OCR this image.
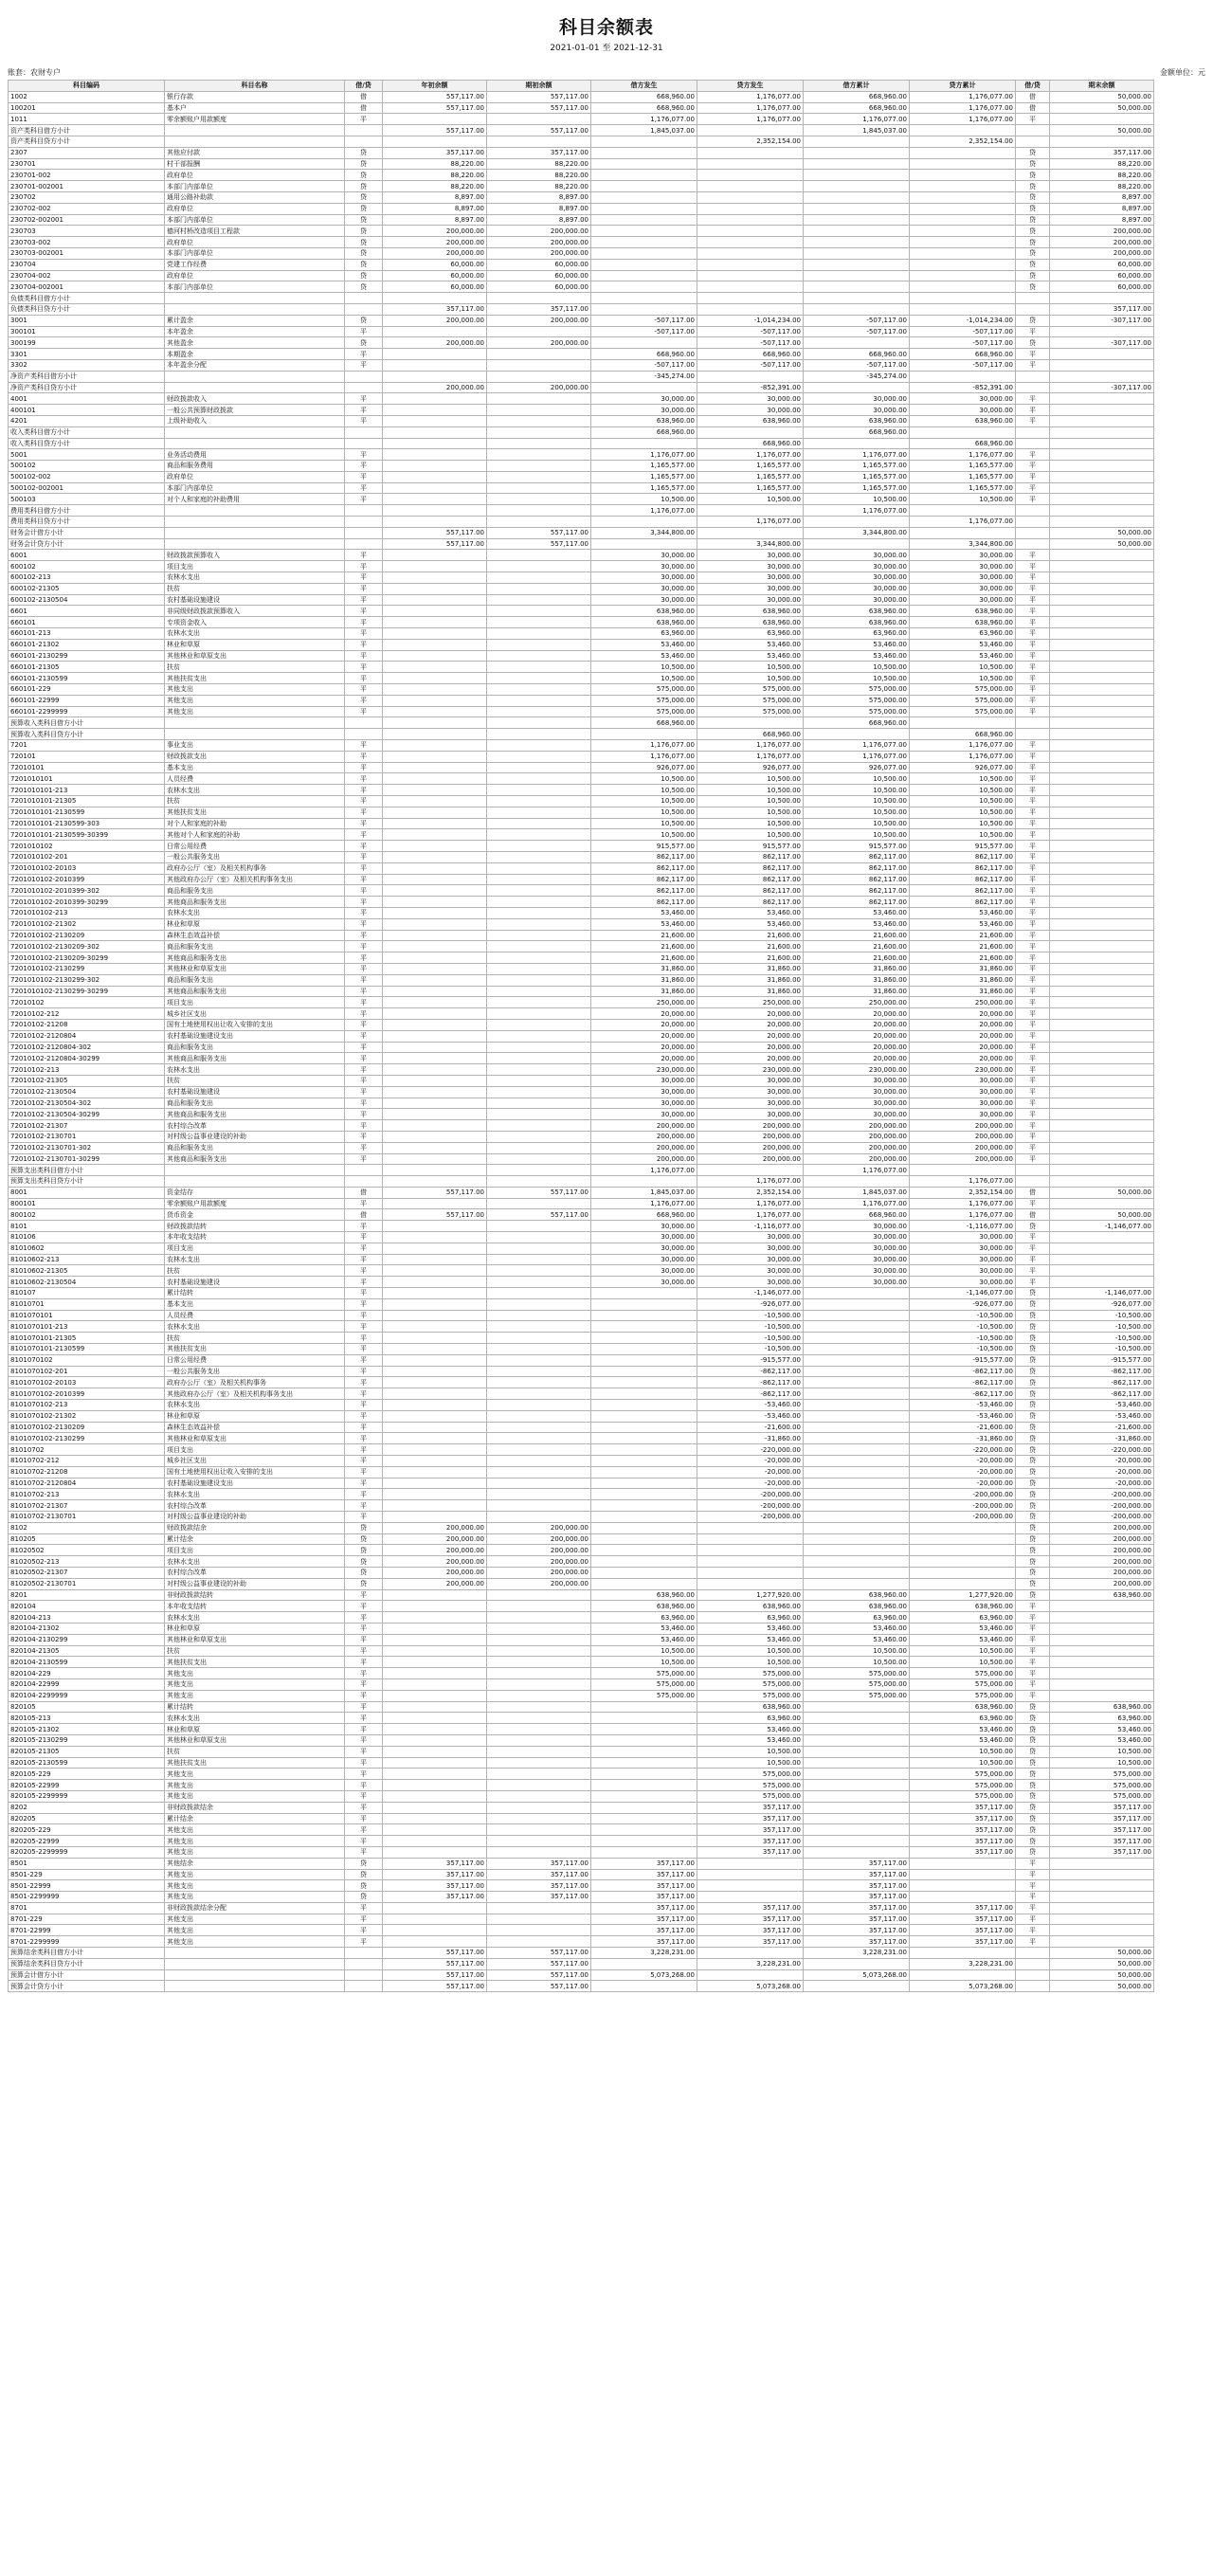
科目余额表
2021-01-01 至 2021-12-31
账套：农财专户	金额单位：元
科目编码	科目名称	借/贷	年初余额	期初余额	借方发生	贷方发生	借方累计	贷方累计	借/贷	期末余额
1002	银行存款	借	557,117.00	557,117.00	668,960.00	1,176,077.00	668,960.00	1,176,077.00	借	50,000.00
100201	基本户	借	557,117.00	557,117.00	668,960.00	1,176,077.00	668,960.00	1,176,077.00	借	50,000.00
1011	零余额账户用款额度	平			1,176,077.00	1,176,077.00	1,176,077.00	1,176,077.00	平	
资产类科目借方小计			557,117.00	557,117.00	1,845,037.00		1,845,037.00			50,000.00
资产类科目贷方小计						2,352,154.00		2,352,154.00		
2307	其他应付款	贷	357,117.00	357,117.00					贷	357,117.00
230701	村干部报酬	贷	88,220.00	88,220.00					贷	88,220.00
230701-002	政府单位	贷	88,220.00	88,220.00					贷	88,220.00
230701-002001	本部门内部单位	贷	88,220.00	88,220.00					贷	88,220.00
230702	通用公路补助款	贷	8,897.00	8,897.00					贷	8,897.00
230702-002	政府单位	贷	8,897.00	8,897.00					贷	8,897.00
230702-002001	本部门内部单位	贷	8,897.00	8,897.00					贷	8,897.00
230703	德河村桥改造项目工程款	贷	200,000.00	200,000.00					贷	200,000.00
230703-002	政府单位	贷	200,000.00	200,000.00					贷	200,000.00
230703-002001	本部门内部单位	贷	200,000.00	200,000.00					贷	200,000.00
230704	党建工作经费	贷	60,000.00	60,000.00					贷	60,000.00
230704-002	政府单位	贷	60,000.00	60,000.00					贷	60,000.00
230704-002001	本部门内部单位	贷	60,000.00	60,000.00					贷	60,000.00
负债类科目借方小计										
负债类科目贷方小计			357,117.00	357,117.00						357,117.00
3001	累计盈余	贷	200,000.00	200,000.00	-507,117.00	-1,014,234.00	-507,117.00	-1,014,234.00	贷	-307,117.00
300101	本年盈余	平			-507,117.00	-507,117.00	-507,117.00	-507,117.00	平	
300199	其他盈余	贷	200,000.00	200,000.00		-507,117.00		-507,117.00	贷	-307,117.00
3301	本期盈余	平			668,960.00	668,960.00	668,960.00	668,960.00	平	
3302	本年盈余分配	平			-507,117.00	-507,117.00	-507,117.00	-507,117.00	平	
净资产类科目借方小计					-345,274.00		-345,274.00			
净资产类科目贷方小计			200,000.00	200,000.00		-852,391.00		-852,391.00		-307,117.00
4001	财政拨款收入	平			30,000.00	30,000.00	30,000.00	30,000.00	平	
400101	一般公共预算财政拨款	平			30,000.00	30,000.00	30,000.00	30,000.00	平	
4201	上级补助收入	平			638,960.00	638,960.00	638,960.00	638,960.00	平	
收入类科目借方小计					668,960.00		668,960.00			
收入类科目贷方小计						668,960.00		668,960.00		
5001	业务活动费用	平			1,176,077.00	1,176,077.00	1,176,077.00	1,176,077.00	平	
500102	商品和服务费用	平			1,165,577.00	1,165,577.00	1,165,577.00	1,165,577.00	平	
500102-002	政府单位	平			1,165,577.00	1,165,577.00	1,165,577.00	1,165,577.00	平	
500102-002001	本部门内部单位	平			1,165,577.00	1,165,577.00	1,165,577.00	1,165,577.00	平	
500103	对个人和家庭的补助费用	平			10,500.00	10,500.00	10,500.00	10,500.00	平	
费用类科目借方小计					1,176,077.00		1,176,077.00			
费用类科目贷方小计						1,176,077.00		1,176,077.00		
财务会计借方小计			557,117.00	557,117.00	3,344,800.00		3,344,800.00			50,000.00
财务会计贷方小计			557,117.00	557,117.00		3,344,800.00		3,344,800.00		50,000.00
6001	财政拨款预算收入	平			30,000.00	30,000.00	30,000.00	30,000.00	平	
600102	项目支出	平			30,000.00	30,000.00	30,000.00	30,000.00	平	
600102-213	农林水支出	平			30,000.00	30,000.00	30,000.00	30,000.00	平	
600102-21305	扶贫	平			30,000.00	30,000.00	30,000.00	30,000.00	平	
600102-2130504	农村基础设施建设	平			30,000.00	30,000.00	30,000.00	30,000.00	平	
6601	非同级财政拨款预算收入	平			638,960.00	638,960.00	638,960.00	638,960.00	平	
660101	专项资金收入	平			638,960.00	638,960.00	638,960.00	638,960.00	平	
660101-213	农林水支出	平			63,960.00	63,960.00	63,960.00	63,960.00	平	
660101-21302	林业和草原	平			53,460.00	53,460.00	53,460.00	53,460.00	平	
660101-2130299	其他林业和草原支出	平			53,460.00	53,460.00	53,460.00	53,460.00	平	
660101-21305	扶贫	平			10,500.00	10,500.00	10,500.00	10,500.00	平	
660101-2130599	其他扶贫支出	平			10,500.00	10,500.00	10,500.00	10,500.00	平	
660101-229	其他支出	平			575,000.00	575,000.00	575,000.00	575,000.00	平	
660101-22999	其他支出	平			575,000.00	575,000.00	575,000.00	575,000.00	平	
660101-2299999	其他支出	平			575,000.00	575,000.00	575,000.00	575,000.00	平	
预算收入类科目借方小计					668,960.00		668,960.00			
预算收入类科目贷方小计						668,960.00		668,960.00		
7201	事业支出	平			1,176,077.00	1,176,077.00	1,176,077.00	1,176,077.00	平	
720101	财政拨款支出	平			1,176,077.00	1,176,077.00	1,176,077.00	1,176,077.00	平	
72010101	基本支出	平			926,077.00	926,077.00	926,077.00	926,077.00	平	
7201010101	人员经费	平			10,500.00	10,500.00	10,500.00	10,500.00	平	
7201010101-213	农林水支出	平			10,500.00	10,500.00	10,500.00	10,500.00	平	
7201010101-21305	扶贫	平			10,500.00	10,500.00	10,500.00	10,500.00	平	
7201010101-2130599	其他扶贫支出	平			10,500.00	10,500.00	10,500.00	10,500.00	平	
7201010101-2130599-303	对个人和家庭的补助	平			10,500.00	10,500.00	10,500.00	10,500.00	平	
7201010101-2130599-30399	其他对个人和家庭的补助	平			10,500.00	10,500.00	10,500.00	10,500.00	平	
7201010102	日常公用经费	平			915,577.00	915,577.00	915,577.00	915,577.00	平	
7201010102-201	一般公共服务支出	平			862,117.00	862,117.00	862,117.00	862,117.00	平	
7201010102-20103	政府办公厅（室）及相关机构事务	平			862,117.00	862,117.00	862,117.00	862,117.00	平	
7201010102-2010399	其他政府办公厅（室）及相关机构事务支出	平			862,117.00	862,117.00	862,117.00	862,117.00	平	
7201010102-2010399-302	商品和服务支出	平			862,117.00	862,117.00	862,117.00	862,117.00	平	
7201010102-2010399-30299	其他商品和服务支出	平			862,117.00	862,117.00	862,117.00	862,117.00	平	
7201010102-213	农林水支出	平			53,460.00	53,460.00	53,460.00	53,460.00	平	
7201010102-21302	林业和草原	平			53,460.00	53,460.00	53,460.00	53,460.00	平	
7201010102-2130209	森林生态效益补偿	平			21,600.00	21,600.00	21,600.00	21,600.00	平	
7201010102-2130209-302	商品和服务支出	平			21,600.00	21,600.00	21,600.00	21,600.00	平	
7201010102-2130209-30299	其他商品和服务支出	平			21,600.00	21,600.00	21,600.00	21,600.00	平	
7201010102-2130299	其他林业和草原支出	平			31,860.00	31,860.00	31,860.00	31,860.00	平	
7201010102-2130299-302	商品和服务支出	平			31,860.00	31,860.00	31,860.00	31,860.00	平	
7201010102-2130299-30299	其他商品和服务支出	平			31,860.00	31,860.00	31,860.00	31,860.00	平	
72010102	项目支出	平			250,000.00	250,000.00	250,000.00	250,000.00	平	
72010102-212	城乡社区支出	平			20,000.00	20,000.00	20,000.00	20,000.00	平	
72010102-21208	国有土地使用权出让收入安排的支出	平			20,000.00	20,000.00	20,000.00	20,000.00	平	
72010102-2120804	农村基础设施建设支出	平			20,000.00	20,000.00	20,000.00	20,000.00	平	
72010102-2120804-302	商品和服务支出	平			20,000.00	20,000.00	20,000.00	20,000.00	平	
72010102-2120804-30299	其他商品和服务支出	平			20,000.00	20,000.00	20,000.00	20,000.00	平	
72010102-213	农林水支出	平			230,000.00	230,000.00	230,000.00	230,000.00	平	
72010102-21305	扶贫	平			30,000.00	30,000.00	30,000.00	30,000.00	平	
72010102-2130504	农村基础设施建设	平			30,000.00	30,000.00	30,000.00	30,000.00	平	
72010102-2130504-302	商品和服务支出	平			30,000.00	30,000.00	30,000.00	30,000.00	平	
72010102-2130504-30299	其他商品和服务支出	平			30,000.00	30,000.00	30,000.00	30,000.00	平	
72010102-21307	农村综合改革	平			200,000.00	200,000.00	200,000.00	200,000.00	平	
72010102-2130701	对村级公益事业建设的补助	平			200,000.00	200,000.00	200,000.00	200,000.00	平	
72010102-2130701-302	商品和服务支出	平			200,000.00	200,000.00	200,000.00	200,000.00	平	
72010102-2130701-30299	其他商品和服务支出	平			200,000.00	200,000.00	200,000.00	200,000.00	平	
预算支出类科目借方小计					1,176,077.00		1,176,077.00			
预算支出类科目贷方小计						1,176,077.00		1,176,077.00		
8001	资金结存	借	557,117.00	557,117.00	1,845,037.00	2,352,154.00	1,845,037.00	2,352,154.00	借	50,000.00
800101	零余额账户用款额度	平			1,176,077.00	1,176,077.00	1,176,077.00	1,176,077.00	平	
800102	货币资金	借	557,117.00	557,117.00	668,960.00	1,176,077.00	668,960.00	1,176,077.00	借	50,000.00
8101	财政拨款结转	平			30,000.00	-1,116,077.00	30,000.00	-1,116,077.00	贷	-1,146,077.00
810106	本年收支结转	平			30,000.00	30,000.00	30,000.00	30,000.00	平	
81010602	项目支出	平			30,000.00	30,000.00	30,000.00	30,000.00	平	
81010602-213	农林水支出	平			30,000.00	30,000.00	30,000.00	30,000.00	平	
81010602-21305	扶贫	平			30,000.00	30,000.00	30,000.00	30,000.00	平	
81010602-2130504	农村基础设施建设	平			30,000.00	30,000.00	30,000.00	30,000.00	平	
810107	累计结转	平				-1,146,077.00		-1,146,077.00	贷	-1,146,077.00
81010701	基本支出	平				-926,077.00		-926,077.00	贷	-926,077.00
8101070101	人员经费	平				-10,500.00		-10,500.00	贷	-10,500.00
8101070101-213	农林水支出	平				-10,500.00		-10,500.00	贷	-10,500.00
8101070101-21305	扶贫	平				-10,500.00		-10,500.00	贷	-10,500.00
8101070101-2130599	其他扶贫支出	平				-10,500.00		-10,500.00	贷	-10,500.00
8101070102	日常公用经费	平				-915,577.00		-915,577.00	贷	-915,577.00
8101070102-201	一般公共服务支出	平				-862,117.00		-862,117.00	贷	-862,117.00
8101070102-20103	政府办公厅（室）及相关机构事务	平				-862,117.00		-862,117.00	贷	-862,117.00
8101070102-2010399	其他政府办公厅（室）及相关机构事务支出	平				-862,117.00		-862,117.00	贷	-862,117.00
8101070102-213	农林水支出	平				-53,460.00		-53,460.00	贷	-53,460.00
8101070102-21302	林业和草原	平				-53,460.00		-53,460.00	贷	-53,460.00
8101070102-2130209	森林生态效益补偿	平				-21,600.00		-21,600.00	贷	-21,600.00
8101070102-2130299	其他林业和草原支出	平				-31,860.00		-31,860.00	贷	-31,860.00
81010702	项目支出	平				-220,000.00		-220,000.00	贷	-220,000.00
81010702-212	城乡社区支出	平				-20,000.00		-20,000.00	贷	-20,000.00
81010702-21208	国有土地使用权出让收入安排的支出	平				-20,000.00		-20,000.00	贷	-20,000.00
81010702-2120804	农村基础设施建设支出	平				-20,000.00		-20,000.00	贷	-20,000.00
81010702-213	农林水支出	平				-200,000.00		-200,000.00	贷	-200,000.00
81010702-21307	农村综合改革	平				-200,000.00		-200,000.00	贷	-200,000.00
81010702-2130701	对村级公益事业建设的补助	平				-200,000.00		-200,000.00	贷	-200,000.00
8102	财政拨款结余	贷	200,000.00	200,000.00					贷	200,000.00
810205	累计结余	贷	200,000.00	200,000.00					贷	200,000.00
81020502	项目支出	贷	200,000.00	200,000.00					贷	200,000.00
81020502-213	农林水支出	贷	200,000.00	200,000.00					贷	200,000.00
81020502-21307	农村综合改革	贷	200,000.00	200,000.00					贷	200,000.00
81020502-2130701	对村级公益事业建设的补助	贷	200,000.00	200,000.00					贷	200,000.00
8201	非财政拨款结转	平			638,960.00	1,277,920.00	638,960.00	1,277,920.00	贷	638,960.00
820104	本年收支结转	平			638,960.00	638,960.00	638,960.00	638,960.00	平	
820104-213	农林水支出	平			63,960.00	63,960.00	63,960.00	63,960.00	平	
820104-21302	林业和草原	平			53,460.00	53,460.00	53,460.00	53,460.00	平	
820104-2130299	其他林业和草原支出	平			53,460.00	53,460.00	53,460.00	53,460.00	平	
820104-21305	扶贫	平			10,500.00	10,500.00	10,500.00	10,500.00	平	
820104-2130599	其他扶贫支出	平			10,500.00	10,500.00	10,500.00	10,500.00	平	
820104-229	其他支出	平			575,000.00	575,000.00	575,000.00	575,000.00	平	
820104-22999	其他支出	平			575,000.00	575,000.00	575,000.00	575,000.00	平	
820104-2299999	其他支出	平			575,000.00	575,000.00	575,000.00	575,000.00	平	
820105	累计结转	平				638,960.00		638,960.00	贷	638,960.00
820105-213	农林水支出	平				63,960.00		63,960.00	贷	63,960.00
820105-21302	林业和草原	平				53,460.00		53,460.00	贷	53,460.00
820105-2130299	其他林业和草原支出	平				53,460.00		53,460.00	贷	53,460.00
820105-21305	扶贫	平				10,500.00		10,500.00	贷	10,500.00
820105-2130599	其他扶贫支出	平				10,500.00		10,500.00	贷	10,500.00
820105-229	其他支出	平				575,000.00		575,000.00	贷	575,000.00
820105-22999	其他支出	平				575,000.00		575,000.00	贷	575,000.00
820105-2299999	其他支出	平				575,000.00		575,000.00	贷	575,000.00
8202	非财政拨款结余	平				357,117.00		357,117.00	贷	357,117.00
820205	累计结余	平				357,117.00		357,117.00	贷	357,117.00
820205-229	其他支出	平				357,117.00		357,117.00	贷	357,117.00
820205-22999	其他支出	平				357,117.00		357,117.00	贷	357,117.00
820205-2299999	其他支出	平				357,117.00		357,117.00	贷	357,117.00
8501	其他结余	贷	357,117.00	357,117.00	357,117.00		357,117.00		平	
8501-229	其他支出	贷	357,117.00	357,117.00	357,117.00		357,117.00		平	
8501-22999	其他支出	贷	357,117.00	357,117.00	357,117.00		357,117.00		平	
8501-2299999	其他支出	贷	357,117.00	357,117.00	357,117.00		357,117.00		平	
8701	非财政拨款结余分配	平			357,117.00	357,117.00	357,117.00	357,117.00	平	
8701-229	其他支出	平			357,117.00	357,117.00	357,117.00	357,117.00	平	
8701-22999	其他支出	平			357,117.00	357,117.00	357,117.00	357,117.00	平	
8701-2299999	其他支出	平			357,117.00	357,117.00	357,117.00	357,117.00	平	
预算结余类科目借方小计			557,117.00	557,117.00	3,228,231.00		3,228,231.00			50,000.00
预算结余类科目贷方小计			557,117.00	557,117.00		3,228,231.00		3,228,231.00		50,000.00
预算会计借方小计			557,117.00	557,117.00	5,073,268.00		5,073,268.00			50,000.00
预算会计贷方小计			557,117.00	557,117.00		5,073,268.00		5,073,268.00		50,000.00
